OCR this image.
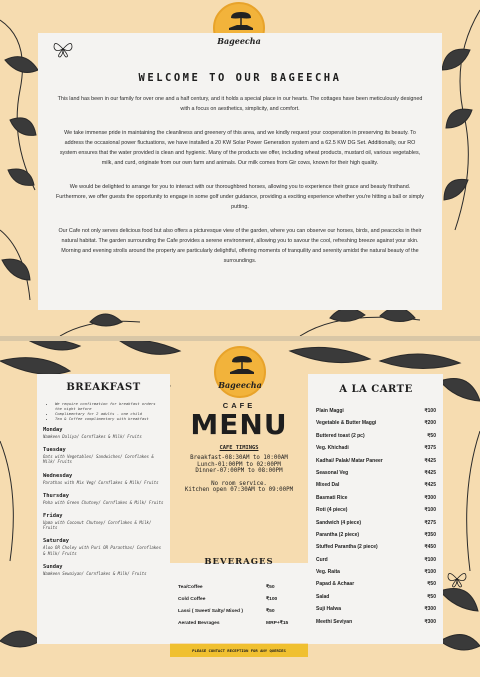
Bageecha
WELCOME TO OUR BAGEECHA

This land has been in our family for over one and a half century, and it holds a special place in our hearts. The cottages have been meticulously designed with a focus on aesthetics, simplicity, and comfort.

We take immense pride in maintaining the cleanliness and greenery of this area, and we kindly request your cooperation in preserving its beauty. To address the occasional power fluctuations, we have installed a 20 KW Solar Power Generation system and a 62.5 KW DG Set. Additionally, our RO system ensures that the water provided is clean and hygienic. Many of the products we offer, including wheat products, mustard oil, various vegetables, milk, and curd, originate from our own farm and animals. Our milk comes from Gir cows, known for their high quality.

We would be delighted to arrange for you to interact with our thoroughbred horses, allowing you to experience their grace and beauty firsthand. Furthermore, we offer guests the opportunity to engage in some golf under guidance, providing a exciting experience whether you're hitting a ball or simply putting.

Our Cafe not only serves delicious food but also offers a picturesque view of the garden, where you can observe our horses, birds, and peacocks in their natural habitat. The garden surrounding the Cafe provides a serene environment, allowing you to savour the cool, refreshing breeze against your skin. Morning and evening strolls around the property are particularly delightful, offering moments of tranquility and serenity amidst the natural beauty of the surroundings.

Bageecha
BREAKFAST
• We require confirmation for breakfast orders the night before
• Complimentary for 2 adults - one child
• Tea & Coffee complimentary with breakfast
Monday
Namkeen Daliya/ Cornflakes & Milk/ Fruits
Tuesday
Oats with Vegetables/ Sandwiches/ Cornflakes & Milk/ Fruits
Wednesday
Parathas with Mix Veg/ Cornflakes & Milk/ Fruits
Thursday
Poha with Green Chutney/ Cornflakes & Milk/ Fruits
Friday
Upma with Coconut Chutney/ Cornflakes & Milk/ Fruits
Saturday
Aloo OR Choley with Puri OR Paranthas/ Cornflakes & Milk/ Fruits
Sunday
Namkeen Sewaiyan/ Cornflakes & Milk/ Fruits
CAFE
MENU
CAFE TIMINGS
Breakfast-08:30AM to 10:00AM
Lunch-01:00PM to 02:00PM
Dinner-07:00PM to 08:00PM
No room service.
Kitchen open 07:30AM to 09:00PM
BEVERAGES
Tea/Coffee	₹50
Cold Coffee	₹100
Lassi ( Sweet/ Salty/ Mixed )	₹50
Aerated Bevrages	MRP+₹15
PLEASE CONTACT RECEPTION FOR ANY QUERIES
A LA CARTE
Plain Maggi	₹100
Vegetable & Butter Maggi	₹200
Buttered toast (2 pc)	₹50
Veg. Khichadi	₹375
Kadhai/ Palak/ Matar Paneer	₹425
Seasonal Veg	₹425
Mixed Dal	₹425
Basmati Rice	₹300
Roti (4 piece)	₹100
Sandwich (4 piece)	₹275
Parantha (2 piece)	₹350
Stuffed Parantha (2 piece)	₹450
Curd	₹100
Veg. Raita	₹100
Papad & Achaar	₹50
Salad	₹50
Suji Halwa	₹300
Meethi Seviyan	₹300
